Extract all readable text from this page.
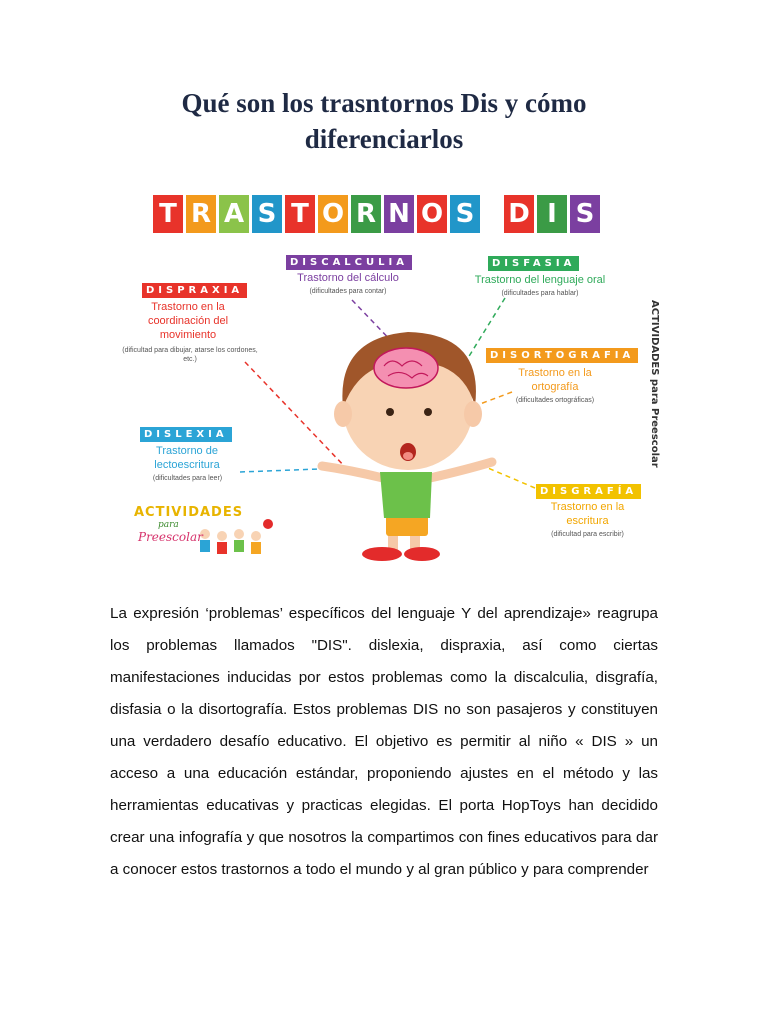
Qué son los trasntornos Dis y cómo diferenciarlos
T R A S T O R N O S D I S
DISPRAXIA
Trastorno en la coordinación del movimiento
(dificultad para dibujar, atarse los cordones, etc.)
DISCALCULIA
Trastorno del cálculo
(dificultades para contar)
DISFASIA
Trastorno del lenguaje oral
(dificultades para hablar)
DISORTOGRAFIA
Trastorno en la ortografía
(dificultades ortográficas)
DISLEXIA
Trastorno de lectoescritura
(dificultades para leer)
DISGRAFÍA
Trastorno en la escritura
(dificultad para escribir)
ACTIVIDADES para Preescolar
ACTIVIDADES
para
Preescolar
La expresión ‘problemas’ específicos del lenguaje Y del aprendizaje» reagrupa los problemas llamados "DIS". dislexia, dispraxia, así como ciertas manifestaciones inducidas por estos problemas como la discalculia, disgrafía, disfasia o la disortografía. Estos problemas DIS no son pasajeros y constituyen una verdadero desafío educativo. El objetivo es permitir al niño « DIS » un acceso a una educación estándar, proponiendo ajustes en el método y las herramientas educativas y practicas elegidas. El porta HopToys han decidido crear una infografía y que nosotros la compartimos con fines educativos para dar a conocer estos trastornos a todo el mundo y al gran público y para comprender
